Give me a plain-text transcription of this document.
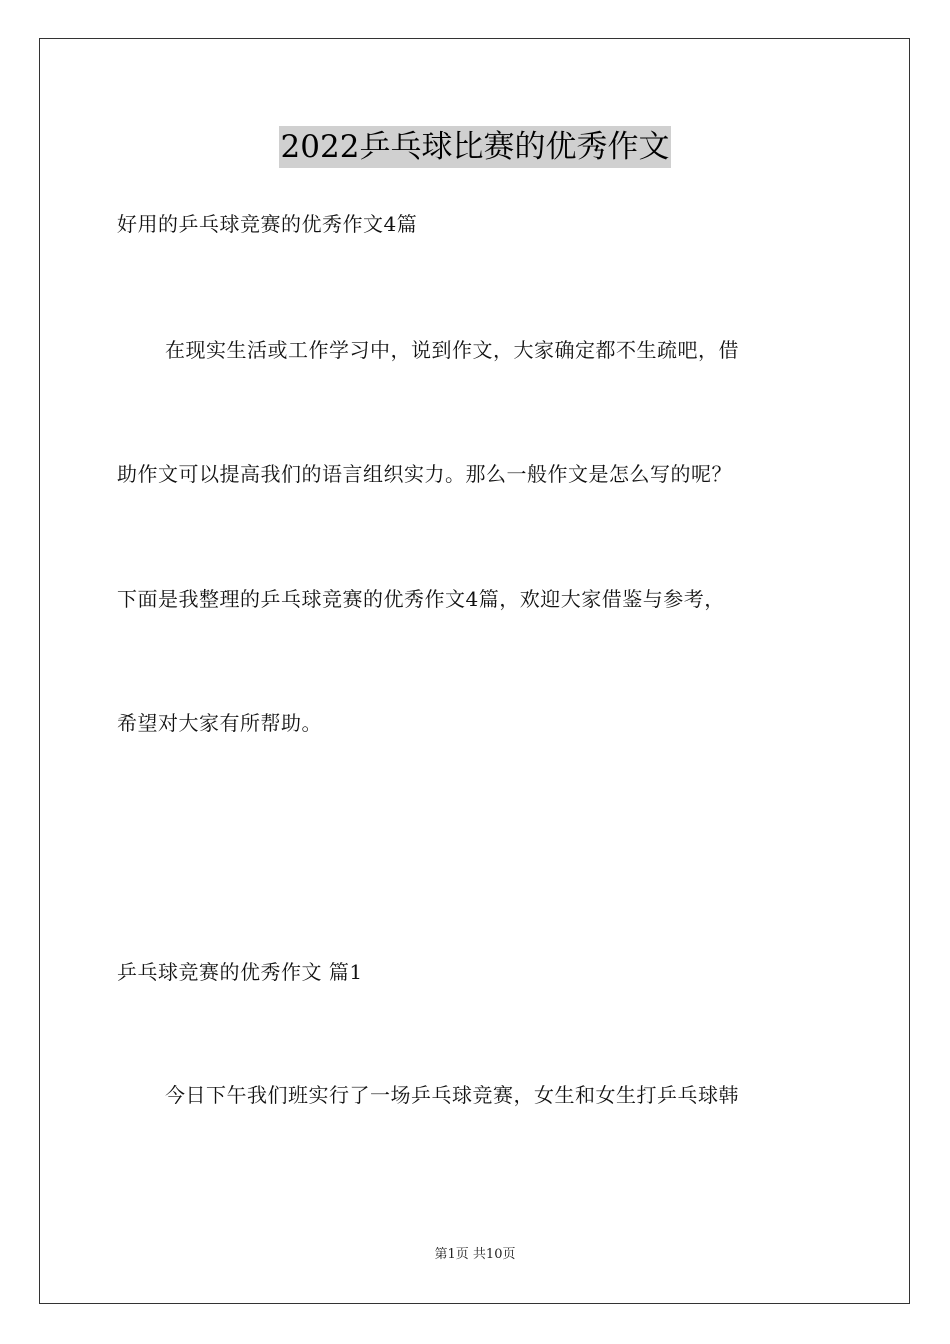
2022乒乓球比赛的优秀作文
好用的乒乓球竞赛的优秀作文4篇
在现实生活或工作学习中，说到作文，大家确定都不生疏吧，借
助作文可以提高我们的语言组织实力。那么一般作文是怎么写的呢？
下面是我整理的乒乓球竞赛的优秀作文4篇，欢迎大家借鉴与参考，
希望对大家有所帮助。
乒乓球竞赛的优秀作文 篇1
今日下午我们班实行了一场乒乓球竞赛，女生和女生打乒乓球韩
第1页 共10页
